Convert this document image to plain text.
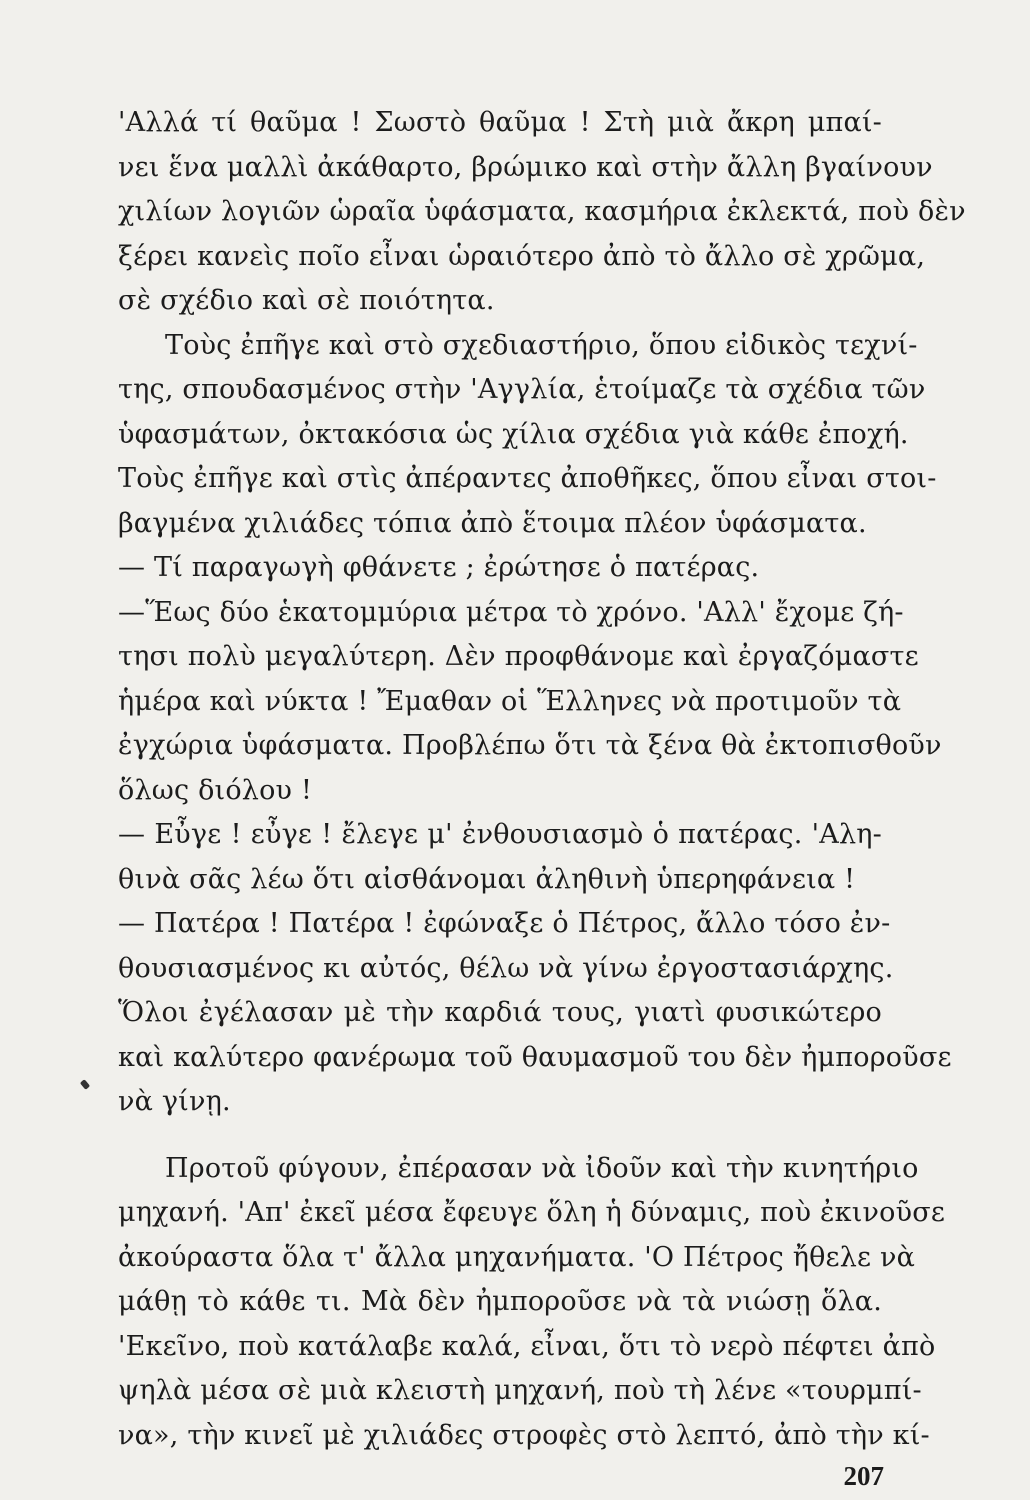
'Αλλά τί θαῦμα ! Σωστὸ θαῦμα ! Στὴ μιὰ ἄκρη μπαί-
νει ἕνα μαλλὶ ἀκάθαρτο, βρώμικο καὶ στὴν ἄλλη βγαίνουν
χιλίων λογιῶν ὡραῖα ὑφάσματα, κασμήρια ἐκλεκτά, ποὺ δὲν
ξέρει κανεὶς ποῖο εἶναι ὡραιότερο ἀπὸ τὸ ἄλλο σὲ χρῶμα,
σὲ σχέδιο καὶ σὲ ποιότητα.
Τοὺς ἐπῆγε καὶ στὸ σχεδιαστήριο, ὅπου εἰδικὸς τεχνί-
της, σπουδασμένος στὴν 'Αγγλία, ἑτοίμαζε τὰ σχέδια τῶν
ὑφασμάτων, ὀκτακόσια ὡς χίλια σχέδια γιὰ κάθε ἐποχή.
Τοὺς ἐπῆγε καὶ στὶς ἀπέραντες ἀποθῆκες, ὅπου εἶναι στοι-
βαγμένα χιλιάδες τόπια ἀπὸ ἕτοιμα πλέον ὑφάσματα.
— Τί παραγωγὴ φθάνετε ; ἐρώτησε ὁ πατέρας.
—Ἕως δύο ἑκατομμύρια μέτρα τὸ χρόνο. 'Αλλ' ἔχομε ζή-
τησι πολὺ μεγαλύτερη. Δὲν προφθάνομε καὶ ἐργαζόμαστε
ἡμέρα καὶ νύκτα ! Ἔμαθαν οἱ Ἕλληνες νὰ προτιμοῦν τὰ
ἐγχώρια ὑφάσματα. Προβλέπω ὅτι τὰ ξένα θὰ ἐκτοπισθοῦν
ὅλως διόλου !
— Εὖγε ! εὖγε ! ἔλεγε μ' ἐνθουσιασμὸ ὁ πατέρας. 'Αλη-
θινὰ σᾶς λέω ὅτι αἰσθάνομαι ἀληθινὴ ὑπερηφάνεια !
— Πατέρα ! Πατέρα ! ἐφώναξε ὁ Πέτρος, ἄλλο τόσο ἐν-
θουσιασμένος κι αὐτός, θέλω νὰ γίνω ἐργοστασιάρχης.
Ὅλοι ἐγέλασαν μὲ τὴν καρδιά τους, γιατὶ φυσικώτερο
καὶ καλύτερο φανέρωμα τοῦ θαυμασμοῦ του δὲν ἠμποροῦσε
νὰ γίνῃ.
Προτοῦ φύγουν, ἐπέρασαν νὰ ἰδοῦν καὶ τὴν κινητήριο
μηχανή. 'Απ' ἐκεῖ μέσα ἔφευγε ὅλη ἡ δύναμις, ποὺ ἐκινοῦσε
ἀκούραστα ὅλα τ' ἄλλα μηχανήματα. 'Ο Πέτρος ἤθελε νὰ
μάθῃ τὸ κάθε τι. Μὰ δὲν ἠμποροῦσε νὰ τὰ νιώσῃ ὅλα.
'Εκεῖνο, ποὺ κατάλαβε καλά, εἶναι, ὅτι τὸ νερὸ πέφτει ἀπὸ
ψηλὰ μέσα σὲ μιὰ κλειστὴ μηχανή, ποὺ τὴ λένε «τουρμπί-
να», τὴν κινεῖ μὲ χιλιάδες στροφὲς στὸ λεπτό, ἀπὸ τὴν κί-
207
